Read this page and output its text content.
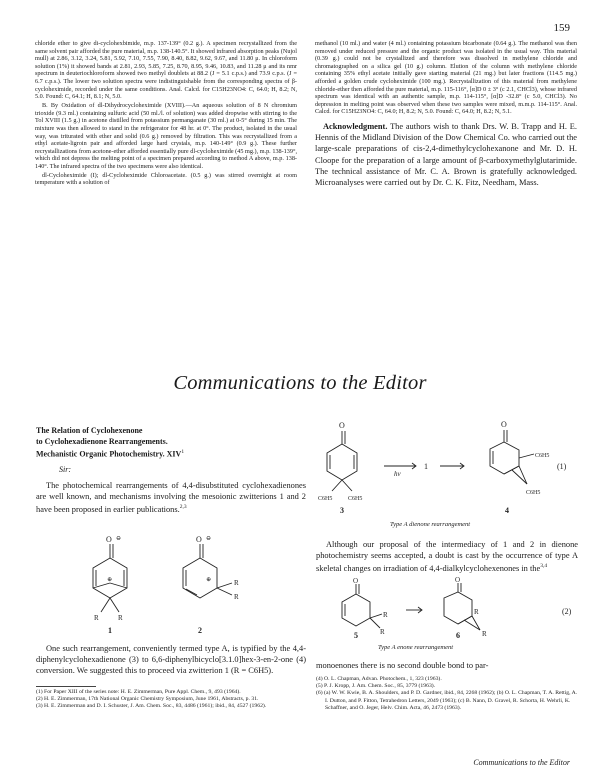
159

chloride ether to give di-cyclohexbimide, m.p. 137-139° (0.2 g.). A specimen recrystallized from the same solvent pair afforded the pure material, m.p. 138-140.5°. It showed infrared absorption peaks (Nujol mull) at 2.86, 3.12, 3.24, 5.81, 5.92, 7.10, 7.55, 7.90, 8.40, 8.82, 9.62, 9.67, and 11.80 μ. In chloroform solution (1%) it showed bands at 2.81, 2.93, 5.85, 7.25, 8.70, 8.95, 9.46, 10.83, and 11.28 μ and its nmr spectrum in deuteriochloroform showed two methyl doublets at 88.2 (J = 5.1 c.p.s.) and 73.9 c.p.s. (J = 6.7 c.p.s.). The lower two solution spectra were indistinguishable from the corresponding spectra of β-cycloheximide, recorded under the same conditions. Anal. Calcd. for C15H23NO4: C, 64.0; H, 8.2; N, 5.0. Found: C, 64.1; H, 8.1; N, 5.0.

B. By Oxidation of dl-Dihydrocycloheximide (XVIII).—An aqueous solution of 8 N chromium trioxide (9.3 ml.) containing sulfuric acid (50 ml./l. of solution) was added dropwise with stirring to the Tol XVIII (1.5 g.) in acetone distilled from potassium permanganate (30 ml.) at 0-5° during 15 min. The mixture was then allowed to stand in the refrigerator for 48 hr. at 0°. The product, isolated in the usual way, was triturated with ether and solid (0.6 g.) removed by filtration. This was recrystallized from a ethyl acetate-ligroin pair and afforded large hard crystals, m.p. 140-149° (0.9 g.). These further recrystallizations from acetone-ether afforded essentially pure dl-cycloheximide (45 mg.), m.p. 138-139°, which did not depress the melting point of a specimen prepared according to method A above, m.p. 138-140°. The infrared spectra of the two specimens were also identical.

dl-Cycloheximide (I); dl-Cycloheximide Chloroacetate. (0.5 g.) was stirred overnight at room temperature with a solution of

methanol (10 ml.) and water (4 ml.) containing potassium bicarbonate (0.64 g.). The methanol was then removed under reduced pressure and the organic product was isolated in the usual way. This material (0.39 g.) could not be crystallized and therefore was dissolved in methylene chloride and chromatographed on a silica gel (10 g.) column. Elution of the column with methylene chloride containing 35% ethyl acetate initially gave starting material (21 mg.) but later fractions (114.5 mg.) afforded a golden crude cycloheximide (100 mg.). Recrystallization of this material from methylene chloride-ether then afforded the pure material, m.p. 115-116°, [α]D 0 ± 3° (c 2.1, CHCl3), whose infrared spectrum was identical with an authentic sample, m.p. 114-115°, [α]D -32.8° (c 5.0, CHCl3). No depression in melting point was observed when these two samples were mixed, m.m.p. 114-115°. Anal. Calcd. for C15H23NO4: C, 64.0; H, 8.2; N, 5.0. Found: C, 64.0; H, 8.2; N, 5.1.

Acknowledgment. The authors wish to thank Drs. W. B. Trapp and H. E. Hennis of the Midland Division of the Dow Chemical Co. who carried out the large-scale preparations of cis-2,4-dimethylcyclohexanone and Mr. D. H. Cloope for the preparation of a large amount of β-carboxymethylglutarimide. The technical assistance of Mr. C. A. Brown is gratefully acknowledged. Microanalyses were carried out by Dr. C. K. Fitz, Needham, Mass.
Communications to the Editor
The Relation of Cyclohexenone
to Cyclohexadienone Rearrangements.
Mechanistic Organic Photochemistry. XIV$^1$
Sir:

The photochemical rearrangements of 4,4-disubstituted cyclohexadienones are well known, and mechanisms involving the mesoionic zwitterions 1 and 2 have been proposed in earlier publications.$^{2,3}$

O ⊖
⊕
R	R
1
O ⊖
⊕	R
R
2

One such rearrangement, conveniently termed type A, is typified by the 4,4-diphenylcyclohexadienone (3) to 6,6-diphenylbicyclo[3.1.0]hex-3-en-2-one (4) conversion. We suggested this to proceed via zwitterion 1 (R = C6H5).

O
C6H5	C6H5
3
hν
1
O
C6H5
C6H5
4
(1)
Type A dienone rearrangement

Although our proposal of the intermediacy of 1 and 2 in dienone photochemistry seems accepted, a doubt is cast by the occurrence of type A skeletal changes on irradiation of 4,4-dialkylcyclohexenones in the$^{3,4}$

O
R
R
O
R
R	(2)
5	6
Type A enone rearrangement

monoenones there is no second double bond to par-

(1) For Paper XIII of the series note: H. E. Zimmerman, Pure Appl. Chem., 9, 493 (1964).

(2) H. E. Zimmerman, 17th National Organic Chemistry Symposium, June 1961, Abstracts, p. 31.

(3) H. E. Zimmerman and D. I. Schuster, J. Am. Chem. Soc., 83, 4486 (1961); ibid., 84, 4527 (1962).

(4) O. L. Chapman, Advan. Photochem., 1, 323 (1963).

(5) P. J. Kropp, J. Am. Chem. Soc., 85, 3779 (1963).

(6) (a) W. W. Kwie, B. A. Shoulders, and P. D. Gardner, ibid., 84, 2268 (1962); (b) O. L. Chapman, T. A. Rettig, A. I. Dutton, and P. Fitton, Tetrahedron Letters, 2049 (1963); (c) B. Nann, D. Gravel, R. Schorta, H. Wehrli, K. Schaffner, and O. Jeger, Helv. Chim. Acta, 46, 2473 (1963).

Communications to the Editor
